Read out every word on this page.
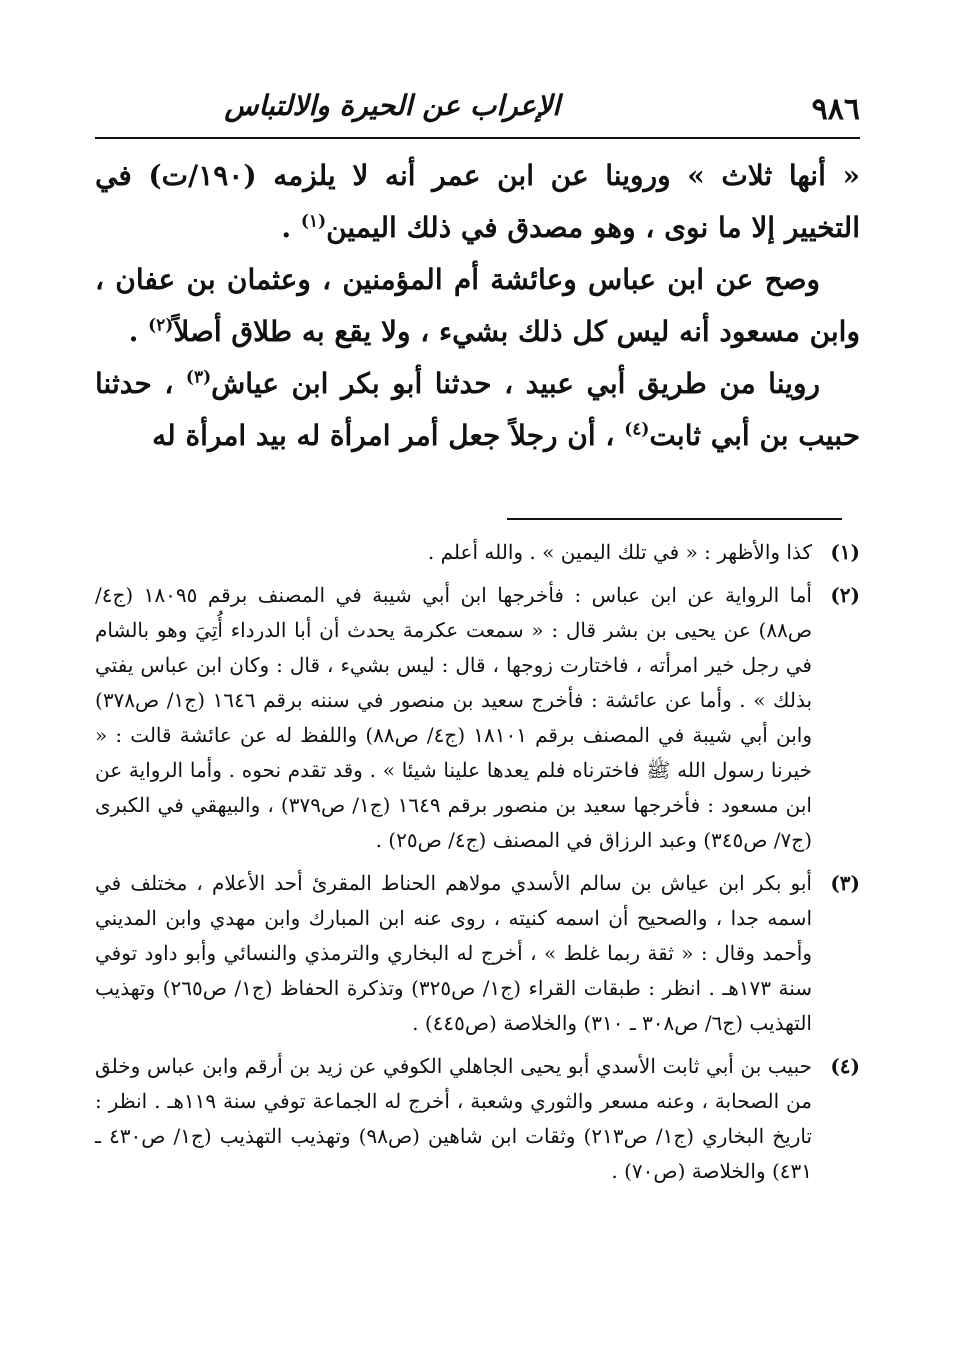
٩٨٦
الإعراب عن الحيرة والالتباس

« أنها ثلاث » وروينا عن ابن عمر أنه لا يلزمه (١٩٠/ت) في التخيير إلا ما نوى ، وهو مصدق في ذلك اليمين$^{(١)}$ .

وصح عن ابن عباس وعائشة أم المؤمنين ، وعثمان بن عفان ، وابن مسعود أنه ليس كل ذلك بشيء ، ولا يقع به طلاق أصلاً$^{(٢)}$ .

روينا من طريق أبي عبيد ، حدثنا أبو بكر ابن عياش$^{(٣)}$ ، حدثنا حبيب بن أبي ثابت$^{(٤)}$ ، أن رجلاً جعل أمر امرأة له بيد امرأة له

(١)
كذا والأظهر : « في تلك اليمين » . والله أعلم .
(٢)
أما الرواية عن ابن عباس : فأخرجها ابن أبي شيبة في المصنف برقم ١٨٠٩٥ (ج٤/ ص٨٨) عن يحيى بن بشر قال : « سمعت عكرمة يحدث أن أبا الدرداء أُتِيَ وهو بالشام في رجل خير امرأته ، فاختارت زوجها ، قال : ليس بشيء ، قال : وكان ابن عباس يفتي بذلك » . وأما عن عائشة : فأخرج سعيد بن منصور في سننه برقم ١٦٤٦ (ج١/ ص٣٧٨) وابن أبي شيبة في المصنف برقم ١٨١٠١ (ج٤/ ص٨٨) واللفظ له عن عائشة قالت : « خيرنا رسول الله ﷺ فاخترناه فلم يعدها علينا شيئا » . وقد تقدم نحوه . وأما الرواية عن ابن مسعود : فأخرجها سعيد بن منصور برقم ١٦٤٩ (ج١/ ص٣٧٩) ، والبيهقي في الكبرى (ج٧/ ص٣٤٥) وعبد الرزاق في المصنف (ج٤/ ص٢٥) .
(٣)
أبو بكر ابن عياش بن سالم الأسدي مولاهم الحناط المقرئ أحد الأعلام ، مختلف في اسمه جدا ، والصحيح أن اسمه كنيته ، روى عنه ابن المبارك وابن مهدي وابن المديني وأحمد وقال : « ثقة ربما غلط » ، أخرج له البخاري والترمذي والنسائي وأبو داود توفي سنة ١٧٣هـ . انظر : طبقات القراء (ج١/ ص٣٢٥) وتذكرة الحفاظ (ج١/ ص٢٦٥) وتهذيب التهذيب (ج٦/ ص٣٠٨ ـ ٣١٠) والخلاصة (ص٤٤٥) .
(٤)
حبيب بن أبي ثابت الأسدي أبو يحيى الجاهلي الكوفي عن زيد بن أرقم وابن عباس وخلق من الصحابة ، وعنه مسعر والثوري وشعبة ، أخرج له الجماعة توفي سنة ١١٩هـ . انظر : تاريخ البخاري (ج١/ ص٢١٣) وثقات ابن شاهين (ص٩٨) وتهذيب التهذيب (ج١/ ص٤٣٠ ـ ٤٣١) والخلاصة (ص٧٠) .
